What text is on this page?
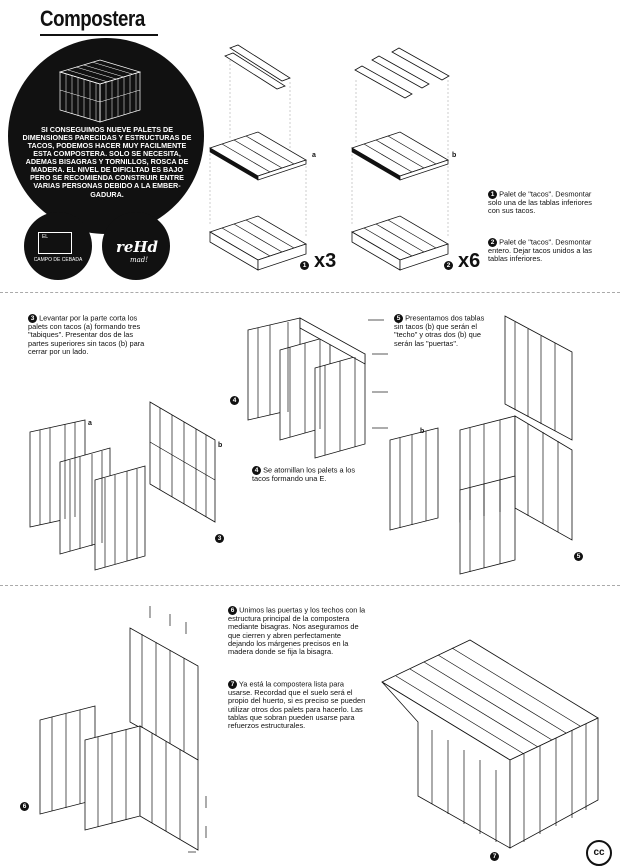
Compostera
SI CONSEGUIMOS NUEVE PALETS DE DIMENSIONES PARECIDAS Y ESTRUCTURAS DE TACOS, PODEMOS HACER MUY FACILMENTE ESTA COMPOSTERA. SOLO SE NECESITA, ADEMAS BISAGRAS Y TORNILLOS, ROSCA DE MADERA. EL NIVEL DE DIFICLTAD ES BAJO PERO SE RECOMIENDA CONSTRUIR ENTRE VARIAS PERSONAS DEBIDO A LA EMBER-GADURA.
EL
CAMPO DE CEBADA
reHd
mad!
a	b
a
b
b
1 x3	2 x6
1 Palet de "tacos". Desmontar solo una de las tablas inferiores con sus tacos.
2 Palet de "tacos". Desmontar entero. Dejar tacos unidos a las tablas inferiores.
3 Levantar por la parte corta los palets con tacos (a) formando tres "tabiques". Presentar dos de las partes superiores sin tacos (b) para cerrar por un lado.
4 Se atornillan los palets a los tacos formando una E.
5 Presentamos dos tablas sin tacos (b) que serán el "techo" y otras dos (b) que serán las "puertas".
6 Unimos las puertas y los techos con la estructura principal de la compostera mediante bisagras. Nos aseguramos de que cierren y abren perfectamente dejando los márgenes precisos en la madera donde se fija la bisagra.
7 Ya está la compostera lista para usarse. Recordad que el suelo será el propio del huerto, si es preciso se pueden utilizar otros dos palets para hacerlo. Las tablas que sobran pueden usarse para refuerzos estructurales.
3
4
5
6
7	cc
